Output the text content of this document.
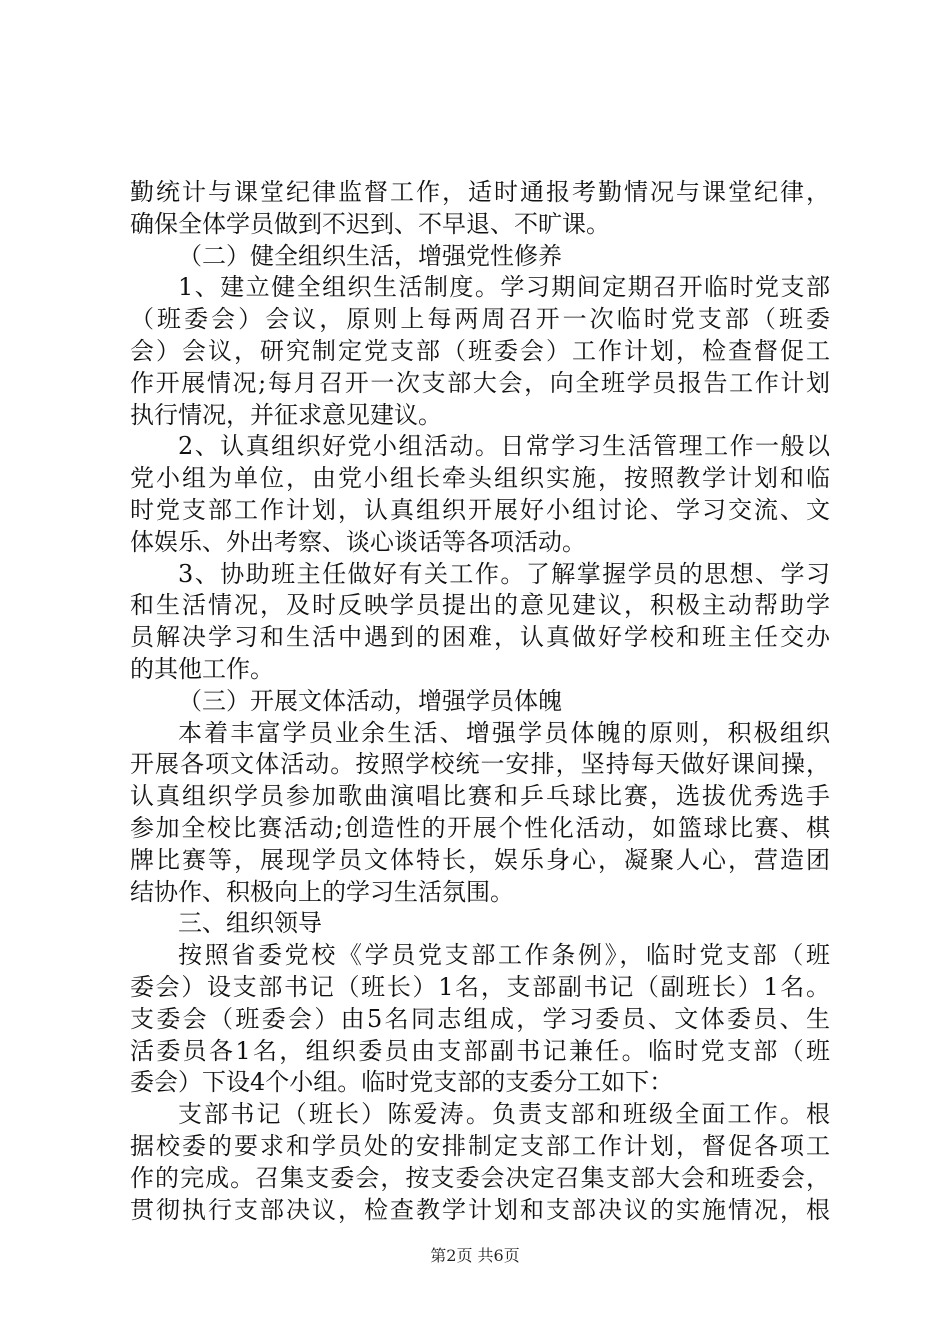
勤统计与课堂纪律监督工作，适时通报考勤情况与课堂纪律，
确保全体学员做到不迟到、不早退、不旷课。
（二）健全组织生活，增强党性修养
1、建立健全组织生活制度。学习期间定期召开临时党支部
（班委会）会议，原则上每两周召开一次临时党支部（班委
会）会议，研究制定党支部（班委会）工作计划，检查督促工
作开展情况;每月召开一次支部大会，向全班学员报告工作计划
执行情况，并征求意见建议。
2、认真组织好党小组活动。日常学习生活管理工作一般以
党小组为单位，由党小组长牵头组织实施，按照教学计划和临
时党支部工作计划，认真组织开展好小组讨论、学习交流、文
体娱乐、外出考察、谈心谈话等各项活动。
3、协助班主任做好有关工作。了解掌握学员的思想、学习
和生活情况，及时反映学员提出的意见建议，积极主动帮助学
员解决学习和生活中遇到的困难，认真做好学校和班主任交办
的其他工作。
（三）开展文体活动，增强学员体魄
本着丰富学员业余生活、增强学员体魄的原则，积极组织
开展各项文体活动。按照学校统一安排，坚持每天做好课间操，
认真组织学员参加歌曲演唱比赛和乒乓球比赛，选拔优秀选手
参加全校比赛活动;创造性的开展个性化活动，如篮球比赛、棋
牌比赛等，展现学员文体特长，娱乐身心，凝聚人心，营造团
结协作、积极向上的学习生活氛围。
三、组织领导
按照省委党校《学员党支部工作条例》，临时党支部（班
委会）设支部书记（班长）1名，支部副书记（副班长）1名。
支委会（班委会）由5名同志组成，学习委员、文体委员、生
活委员各1名，组织委员由支部副书记兼任。临时党支部（班
委会）下设4个小组。临时党支部的支委分工如下：
支部书记（班长）陈爱涛。负责支部和班级全面工作。根
据校委的要求和学员处的安排制定支部工作计划，督促各项工
作的完成。召集支委会，按支委会决定召集支部大会和班委会，
贯彻执行支部决议，检查教学计划和支部决议的实施情况，根
第2页 共6页
